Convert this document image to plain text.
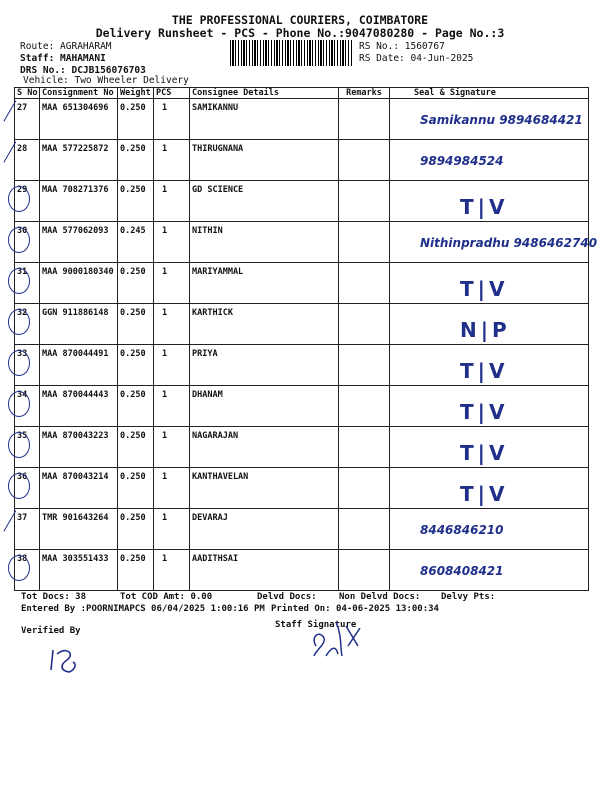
THE PROFESSIONAL COURIERS, COIMBATORE
Delivery Runsheet - PCS - Phone No.:9047080280 - Page No.:3
Route: AGRAHARAM
Staff: MAHAMANI
DRS No.: DCJB156076703
Vehicle: Two Wheeler Delivery
RS No.: 1560767
RS Date: 04-Jun-2025
S No	Consignment No	Weight	PCS	Consignee Details	Remarks	Seal & Signature

27	MAA 651304696	0.250	1	SAMIKANNU		Samikannu 9894684421

28	MAA 577225872	0.250	1	THIRUGNANA		9894984524

29	MAA 708271376	0.250	1	GD SCIENCE		T|V

30	MAA 577062093	0.245	1	NITHIN		Nithinpradhu 9486462740

31	MAA 9000180340	0.250	1	MARIYAMMAL		T|V

32	GGN 911886148	0.250	1	KARTHICK		N|P

33	MAA 870044491	0.250	1	PRIYA		T|V

34	MAA 870044443	0.250	1	DHANAM		T|V

35	MAA 870043223	0.250	1	NAGARAJAN		T|V

36	MAA 870043214	0.250	1	KANTHAVELAN		T|V

37	TMR 901643264	0.250	1	DEVARAJ		8446846210

38	MAA 303551433	0.250	1	AADITHSAI		8608408421
Tot Docs: 38	Tot COD Amt: 0.00	Delvd Docs: Non Delvd Docs: Delvy Pts:
Entered By :POORNIMAPCS 06/04/2025 1:00:16 PM Printed On: 04-06-2025 13:00:34
Verified By
Staff Signature
